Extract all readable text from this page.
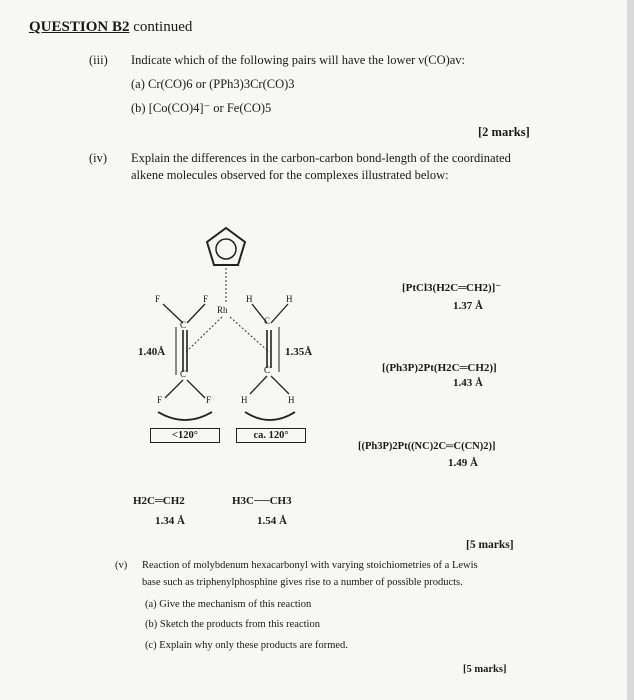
QUESTION B2 continued
(iii) Indicate which of the following pairs will have the lower ν(CO)av:
(a) Cr(CO)6 or (PPh3)3Cr(CO)3
(b) [Co(CO)4]⁻ or Fe(CO)5
[2 marks]
(iv) Explain the differences in the carbon-carbon bond-length of the coordinated
alkene molecules observed for the complexes illustrated below:
F	F
Rh
H	H
C	C
1.40Å	1.35Å
C	C
F	F	H	H
<120°	ca. 120°
H2C═CH2
1.34 Å
H3C──CH3
1.54 Å
[PtCl3(H2C═CH2)]⁻
1.37 Å
[(Ph3P)2Pt(H2C═CH2)]
1.43 Å
[(Ph3P)2Pt((NC)2C═C(CN)2)]
1.49 Å
[5 marks]
(v) Reaction of molybdenum hexacarbonyl with varying stoichiometries of a Lewis
base such as triphenylphosphine gives rise to a number of possible products.
(a) Give the mechanism of this reaction
(b) Sketch the products from this reaction
(c) Explain why only these products are formed.
[5 marks]
